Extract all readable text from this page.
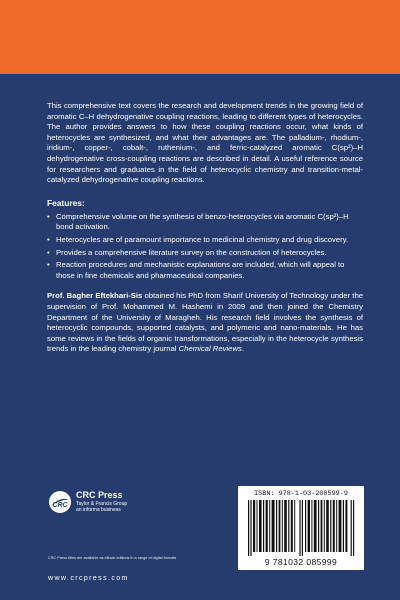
This comprehensive text covers the research and development trends in the growing field of aromatic C–H dehydrogenative coupling reactions, leading to different types of heterocycles. The author provides answers to how these coupling reactions occur, what kinds of heterocycles are synthesized, and what their advantages are. The palladium-, rhodium-, iridium-, copper-, cobalt-, ruthenium-, and ferric-catalyzed aromatic C(sp²)–H dehydrogenative cross-coupling reactions are described in detail. A useful reference source for researchers and graduates in the field of heterocyclic chemistry and transition-metal-catalyzed dehydrogenative coupling reactions.

Features:
• Comprehensive volume on the synthesis of benzo-heterocycles via aromatic C(sp²)–H bond activation.
• Heterocycles are of paramount importance to medicinal chemistry and drug discovery.
• Provides a comprehensive literature survey on the construction of heterocycles.
• Reaction procedures and mechanistic explanations are included, which will appeal to those in fine chemicals and pharmaceutical companies.

Prof. Bagher Eftekhari-Sis obtained his PhD from Sharif University of Technology under the supervision of Prof. Mohammed M. Hashemi in 2009 and then joined the Chemistry Department of the University of Maragheh. His research field involves the synthesis of heterocyclic compounds, supported catalysts, and polymeric and nano-materials. He has some reviews in the fields of organic transformations, especially in the heterocycle synthesis trends in the leading chemistry journal Chemical Reviews.

CRC
CRC Press
Taylor & Francis Group
an informa business
CRC Press titles are available as eBook editions in a range of digital formats
www.crcpress.com
ISBN: 978-1-03-208599-9
9 781032 085999
